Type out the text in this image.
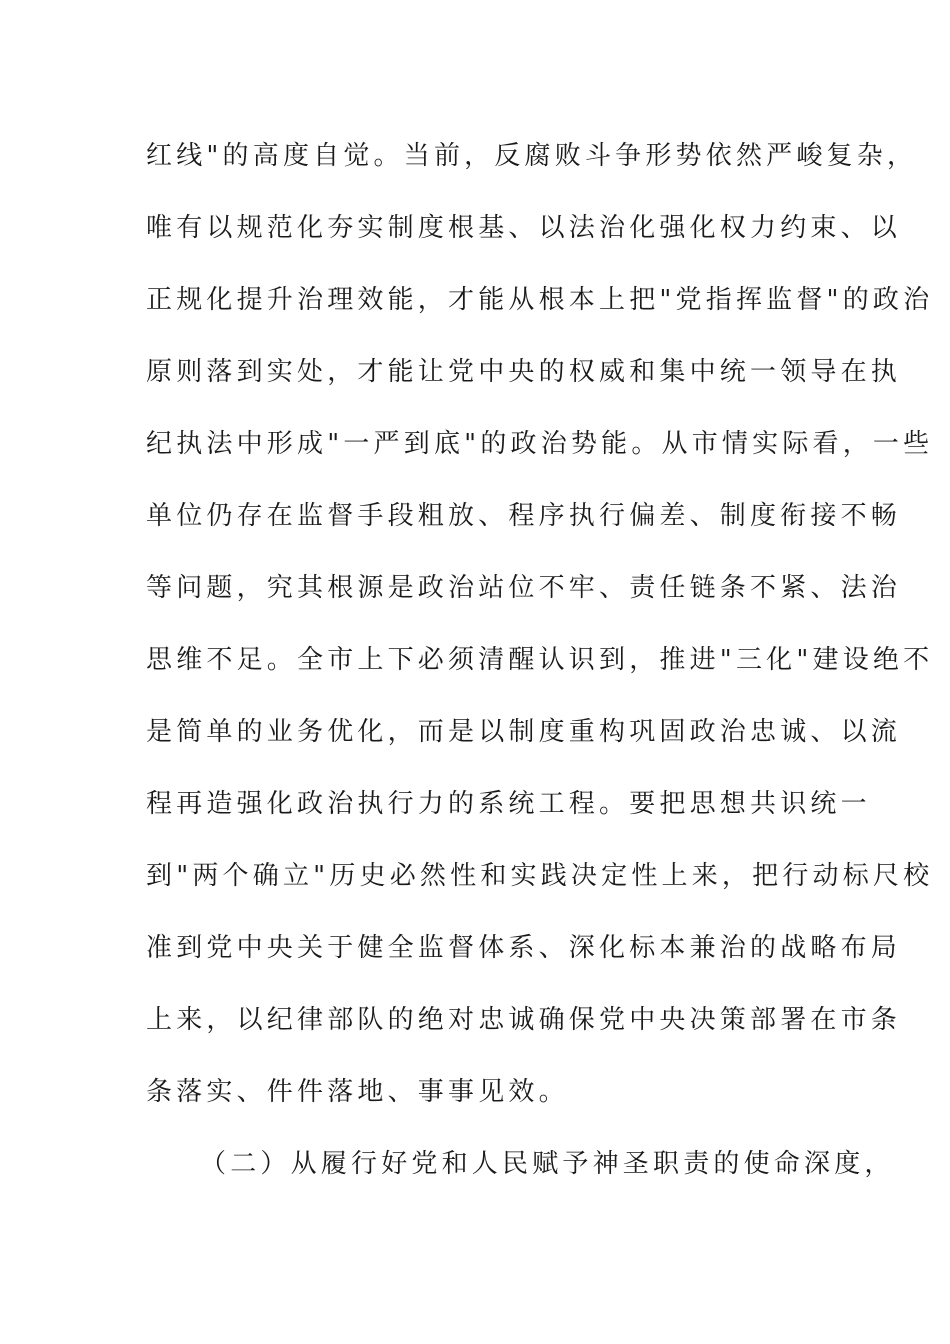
红线"的高度自觉。当前，反腐败斗争形势依然严峻复杂，
唯有以规范化夯实制度根基、以法治化强化权力约束、以
正规化提升治理效能，才能从根本上把"党指挥监督"的政治
原则落到实处，才能让党中央的权威和集中统一领导在执
纪执法中形成"一严到底"的政治势能。从市情实际看，一些
单位仍存在监督手段粗放、程序执行偏差、制度衔接不畅
等问题，究其根源是政治站位不牢、责任链条不紧、法治
思维不足。全市上下必须清醒认识到，推进"三化"建设绝不
是简单的业务优化，而是以制度重构巩固政治忠诚、以流
程再造强化政治执行力的系统工程。要把思想共识统一
到"两个确立"历史必然性和实践决定性上来，把行动标尺校
准到党中央关于健全监督体系、深化标本兼治的战略布局
上来，以纪律部队的绝对忠诚确保党中央决策部署在市条
条落实、件件落地、事事见效。
（二）从履行好党和人民赋予神圣职责的使命深度，
